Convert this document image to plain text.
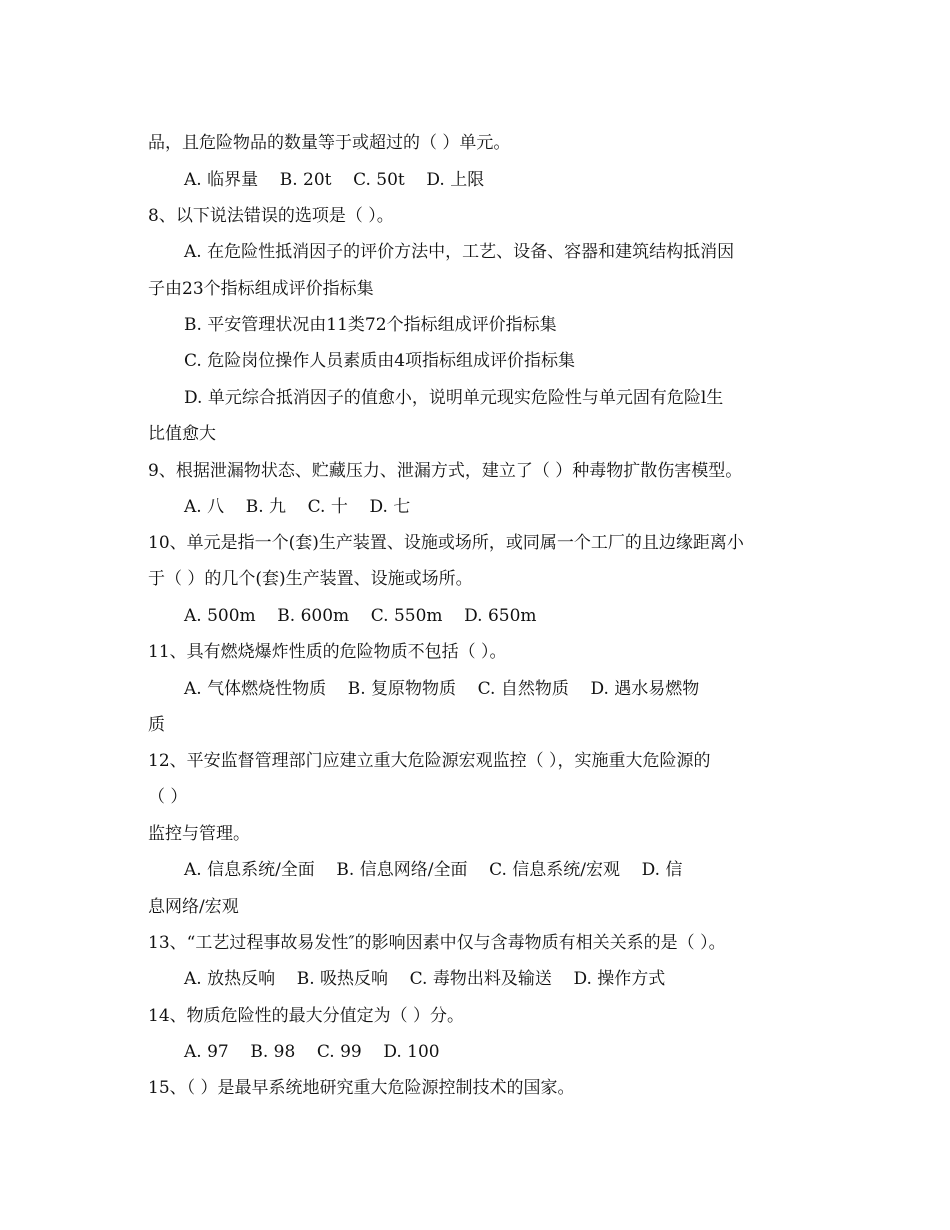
品，且危险物品的数量等于或超过的（ ）单元。
A. 临界量    B. 20t    C. 50t    D. 上限
8、以下说法错误的选项是（ ）。
A. 在危险性抵消因子的评价方法中，工艺、设备、容器和建筑结构抵消因
子由23个指标组成评价指标集
B. 平安管理状况由11类72个指标组成评价指标集
C. 危险岗位操作人员素质由4项指标组成评价指标集
D. 单元综合抵消因子的值愈小，说明单元现实危险性与单元固有危险l生
比值愈大
9、根据泄漏物状态、贮藏压力、泄漏方式，建立了（ ）种毒物扩散伤害模型。
A. 八    B. 九    C. 十    D. 七
10、单元是指一个(套)生产装置、设施或场所，或同属一个工厂的且边缘距离小
于（ ）的几个(套)生产装置、设施或场所。
A. 500m    B. 600m    C. 550m    D. 650m
11、具有燃烧爆炸性质的危险物质不包括（ ）。
A. 气体燃烧性物质    B. 复原物物质    C. 自然物质    D. 遇水易燃物
质
12、平安监督管理部门应建立重大危险源宏观监控（ ），实施重大危险源的
（ ）
监控与管理。
A. 信息系统/全面    B. 信息网络/全面    C. 信息系统/宏观    D. 信
息网络/宏观
13、“工艺过程事故易发性″的影响因素中仅与含毒物质有相关关系的是（ ）。
A. 放热反响    B. 吸热反响    C. 毒物出料及输送    D. 操作方式
14、物质危险性的最大分值定为（ ）分。
A. 97    B. 98    C. 99    D. 100
15、（ ）是最早系统地研究重大危险源控制技术的国家。
